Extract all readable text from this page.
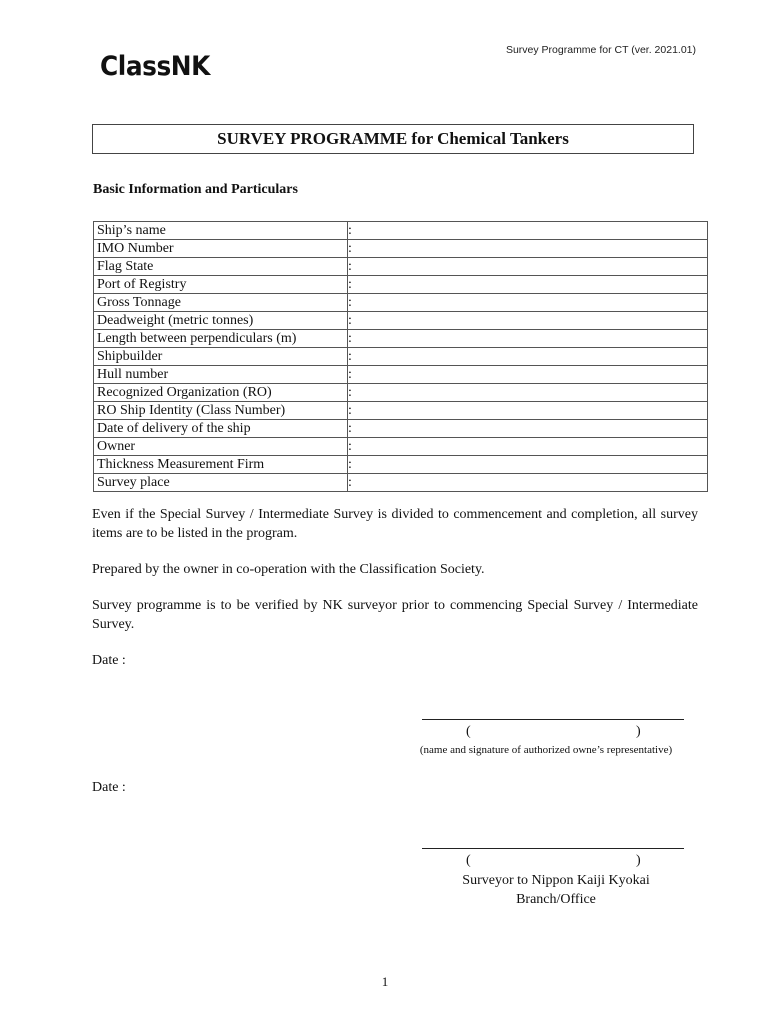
Survey Programme for CT (ver. 2021.01)
ClassNK
SURVEY PROGRAMME for Chemical Tankers
Basic Information and Particulars
Ship’s name	:
IMO Number	:
Flag State	:
Port of Registry	:
Gross Tonnage	:
Deadweight (metric tonnes)	:
Length between perpendiculars (m)	:
Shipbuilder	:
Hull number	:
Recognized Organization (RO)	:
RO Ship Identity (Class Number)	:
Date of delivery of the ship	:
Owner	:
Thickness Measurement Firm	:
Survey place	:
Even if the Special Survey / Intermediate Survey is divided to commencement and completion, all survey items are to be listed in the program.
Prepared by the owner in co-operation with the Classification Society.
Survey programme is to be verified by NK surveyor prior to commencing Special Survey / Intermediate Survey.
Date :
(	)
(name and signature of authorized owne’s representative)
Date :
(	)
Surveyor to Nippon Kaiji Kyokai
Branch/Office
1
